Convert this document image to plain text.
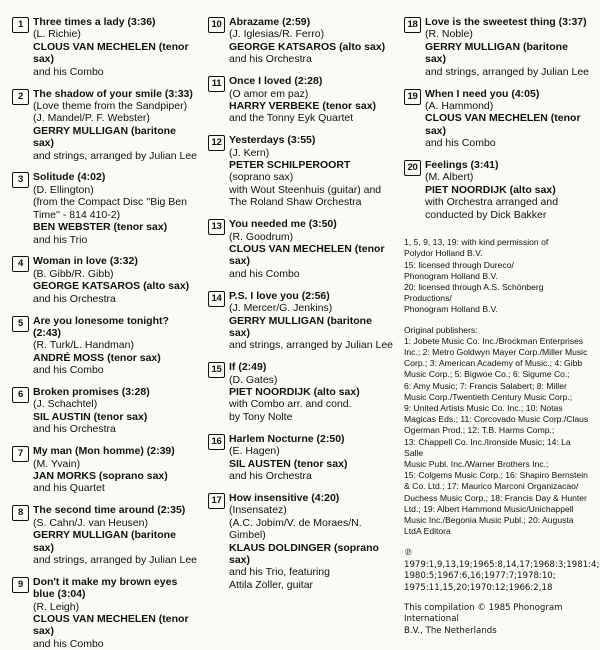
1 Three times a lady (3:36)
(L. Richie)
CLOUS VAN MECHELEN (tenor sax)
and his Combo
2 The shadow of your smile (3:33)
(Love theme from the Sandpiper)
(J. Mandel/P. F. Webster)
GERRY MULLIGAN (baritone sax)
and strings, arranged by Julian Lee
3 Solitude (4:02)
(D. Ellington)
(from the Compact Disc ''Big Ben
Time'' - 814 410-2)
BEN WEBSTER (tenor sax)
and his Trio
4 Woman in love (3:32)
(B. Gibb/R. Gibb)
GEORGE KATSAROS (alto sax)
and his Orchestra
5 Are you lonesome tonight? (2:43)
(R. Turk/L. Handman)
ANDRÉ MOSS (tenor sax)
and his Combo
6 Broken promises (3:28)
(J. Schachtel)
SIL AUSTIN (tenor sax)
and his Orchestra
7 My man (Mon homme) (2:39)
(M. Yvain)
JAN MORKS (soprano sax)
and his Quartet
8 The second time around (2:35)
(S. Cahn/J. van Heusen)
GERRY MULLIGAN (baritone sax)
and strings, arranged by Julian Lee
9 Don't it make my brown eyes
blue (3:04)
(R. Leigh)
CLOUS VAN MECHELEN (tenor sax)
and his Combo
10 Abrazame (2:59)
(J. Iglesias/R. Ferro)
GEORGE KATSAROS (alto sax)
and his Orchestra
11 Once I loved (2:28)
(O amor em paz)
HARRY VERBEKE (tenor sax)
and the Tonny Eyk Quartet
12 Yesterdays (3:55)
(J. Kern)
PETER SCHILPEROORT
(soprano sax)
with Wout Steenhuis (guitar) and
The Roland Shaw Orchestra
13 You needed me (3:50)
(R. Goodrum)
CLOUS VAN MECHELEN (tenor sax)
and his Combo
14 P.S. I love you (2:56)
(J. Mercer/G. Jenkins)
GERRY MULLIGAN (baritone sax)
and strings, arranged by Julian Lee
15 If (2:49)
(D. Gates)
PIET NOORDIJK (alto sax)
with Combo arr. and cond.
by Tony Nolte
16 Harlem Nocturne (2:50)
(E. Hagen)
SIL AUSTEN (tenor sax)
and his Orchestra
17 How insensitive (4:20)
(Insensatez)
(A.C. Jobim/V. de Moraes/N. Gimbel)
KLAUS DOLDINGER (soprano sax)
and his Trio, featuring
Attila Zoller, guitar
18 Love is the sweetest thing (3:37)
(R. Noble)
GERRY MULLIGAN (baritone sax)
and strings, arranged by Julian Lee
19 When I need you (4:05)
(A. Hammond)
CLOUS VAN MECHELEN (tenor sax)
and his Combo
20 Feelings (3:41)
(M. Albert)
PIET NOORDIJK (alto sax)
with Orchestra arranged and
conducted by Dick Bakker

1, 5, 9, 13, 19: with kind permission of

Polydor Holland B.V.

15: licensed through Dureco/

Phonogram Holland B.V.

20: licensed through A.S. Schönberg Productions/

Phonogram Holland B.V.

Original publishers:

1: Jobete Music Co. Inc./Brockman Enterprises

Inc.; 2: Metro Goldwyn Mayer Corp./Miller Music

Corp.; 3: American Academy of Music.; 4: Gibb

Music Corp.; 5: Bigwoe Co.; 6: Sigume Co.;

6: Amy Music; 7: Francis Salabert; 8: Miller

Music Corp./Twentieth Century Music Corp.;

9: United Artists Music Co. Inc.; 10: Notas

Magicas Eds.; 11: Corcovado Music Corp./Claus

Ogerman Prod.; 12: T.B. Harms Comp.;

13: Chappell Co. Inc./Ironside Music; 14: La Salle

Music Publ. Inc./Warner Brothers Inc.;

15: Colgems Music Corp.; 16: Shapiro Bernstein

& Co. Ltd.; 17: Maurico Marconi Organizacao/

Duchess Music Corp.; 18: Francis Day & Hunter

Ltd.; 19: Albert Hammond Music/Unichappell

Music Inc./Begonia Music Publ.; 20: Augusta

LtdA Editora

℗ 1979:1,9,13,19;1965:8,14,17;1968:3;1981:4;

1980:5;1967:6,16;1977:7;1978:10;

1975:11,15,20;1970:12;1966:2,18

This compilation © 1985 Phonogram International

B.V., The Netherlands
